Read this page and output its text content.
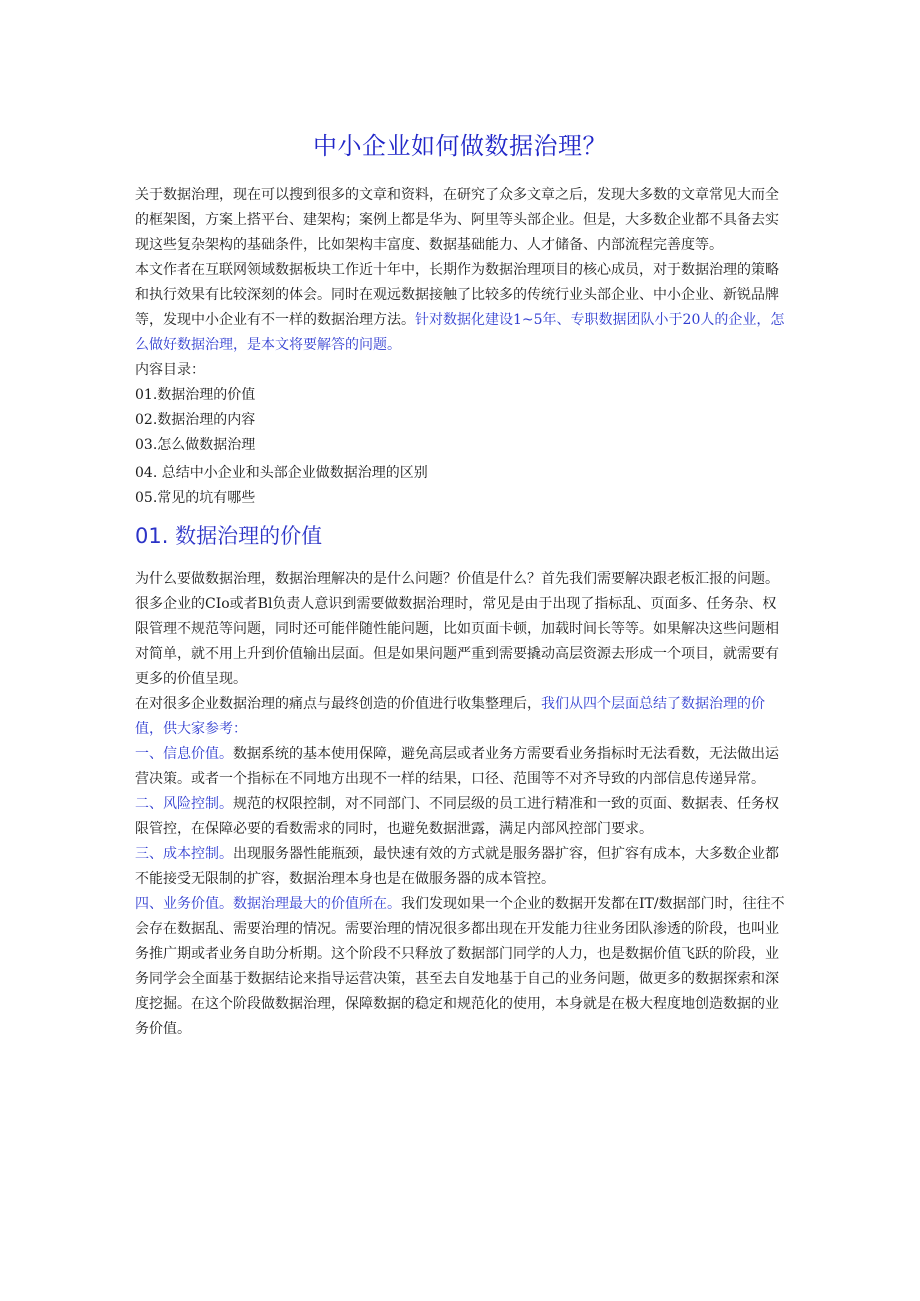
中小企业如何做数据治理？

关于数据治理，现在可以搜到很多的文章和资料，在研究了众多文章之后，发现大多数的文章常见大而全的框架图，方案上搭平台、建架构；案例上都是华为、阿里等头部企业。但是，大多数企业都不具备去实现这些复杂架构的基础条件，比如架构丰富度、数据基础能力、人才储备、内部流程完善度等。

本文作者在互联网领域数据板块工作近十年中，长期作为数据治理项目的核心成员，对于数据治理的策略和执行效果有比较深刻的体会。同时在观远数据接触了比较多的传统行业头部企业、中小企业、新锐品牌等，发现中小企业有不一样的数据治理方法。针对数据化建设1~5年、专职数据团队小于20人的企业，怎么做好数据治理，是本文将要解答的问题。

内容目录：

01.数据治理的价值

02.数据治理的内容

03.怎么做数据治理

04. 总结中小企业和头部企业做数据治理的区别

05.常见的坑有哪些

01. 数据治理的价值

为什么要做数据治理，数据治理解决的是什么问题？价值是什么？首先我们需要解决跟老板汇报的问题。

很多企业的CIo或者Bl负责人意识到需要做数据治理时，常见是由于出现了指标乱、页面多、任务杂、权限管理不规范等问题，同时还可能伴随性能问题，比如页面卡顿，加载时间长等等。如果解决这些问题相对简单，就不用上升到价值输出层面。但是如果问题严重到需要撬动高层资源去形成一个项目，就需要有更多的价值呈现。

在对很多企业数据治理的痛点与最终创造的价值进行收集整理后，我们从四个层面总结了数据治理的价值，供大家参考：

一、信息价值。数据系统的基本使用保障，避免高层或者业务方需要看业务指标时无法看数，无法做出运营决策。或者一个指标在不同地方出现不一样的结果，口径、范围等不对齐导致的内部信息传递异常。

二、风险控制。规范的权限控制，对不同部门、不同层级的员工进行精准和一致的页面、数据表、任务权限管控，在保障必要的看数需求的同时，也避免数据泄露，满足内部风控部门要求。

三、成本控制。出现服务器性能瓶颈，最快速有效的方式就是服务器扩容，但扩容有成本，大多数企业都不能接受无限制的扩容，数据治理本身也是在做服务器的成本管控。

四、业务价值。数据治理最大的价值所在。我们发现如果一个企业的数据开发都在IT/数据部门时，往往不会存在数据乱、需要治理的情况。需要治理的情况很多都出现在开发能力往业务团队渗透的阶段，也叫业务推广期或者业务自助分析期。这个阶段不只释放了数据部门同学的人力，也是数据价值飞跃的阶段，业务同学会全面基于数据结论来指导运营决策，甚至去自发地基于自己的业务问题，做更多的数据探索和深度挖掘。在这个阶段做数据治理，保障数据的稳定和规范化的使用，本身就是在极大程度地创造数据的业务价值。
